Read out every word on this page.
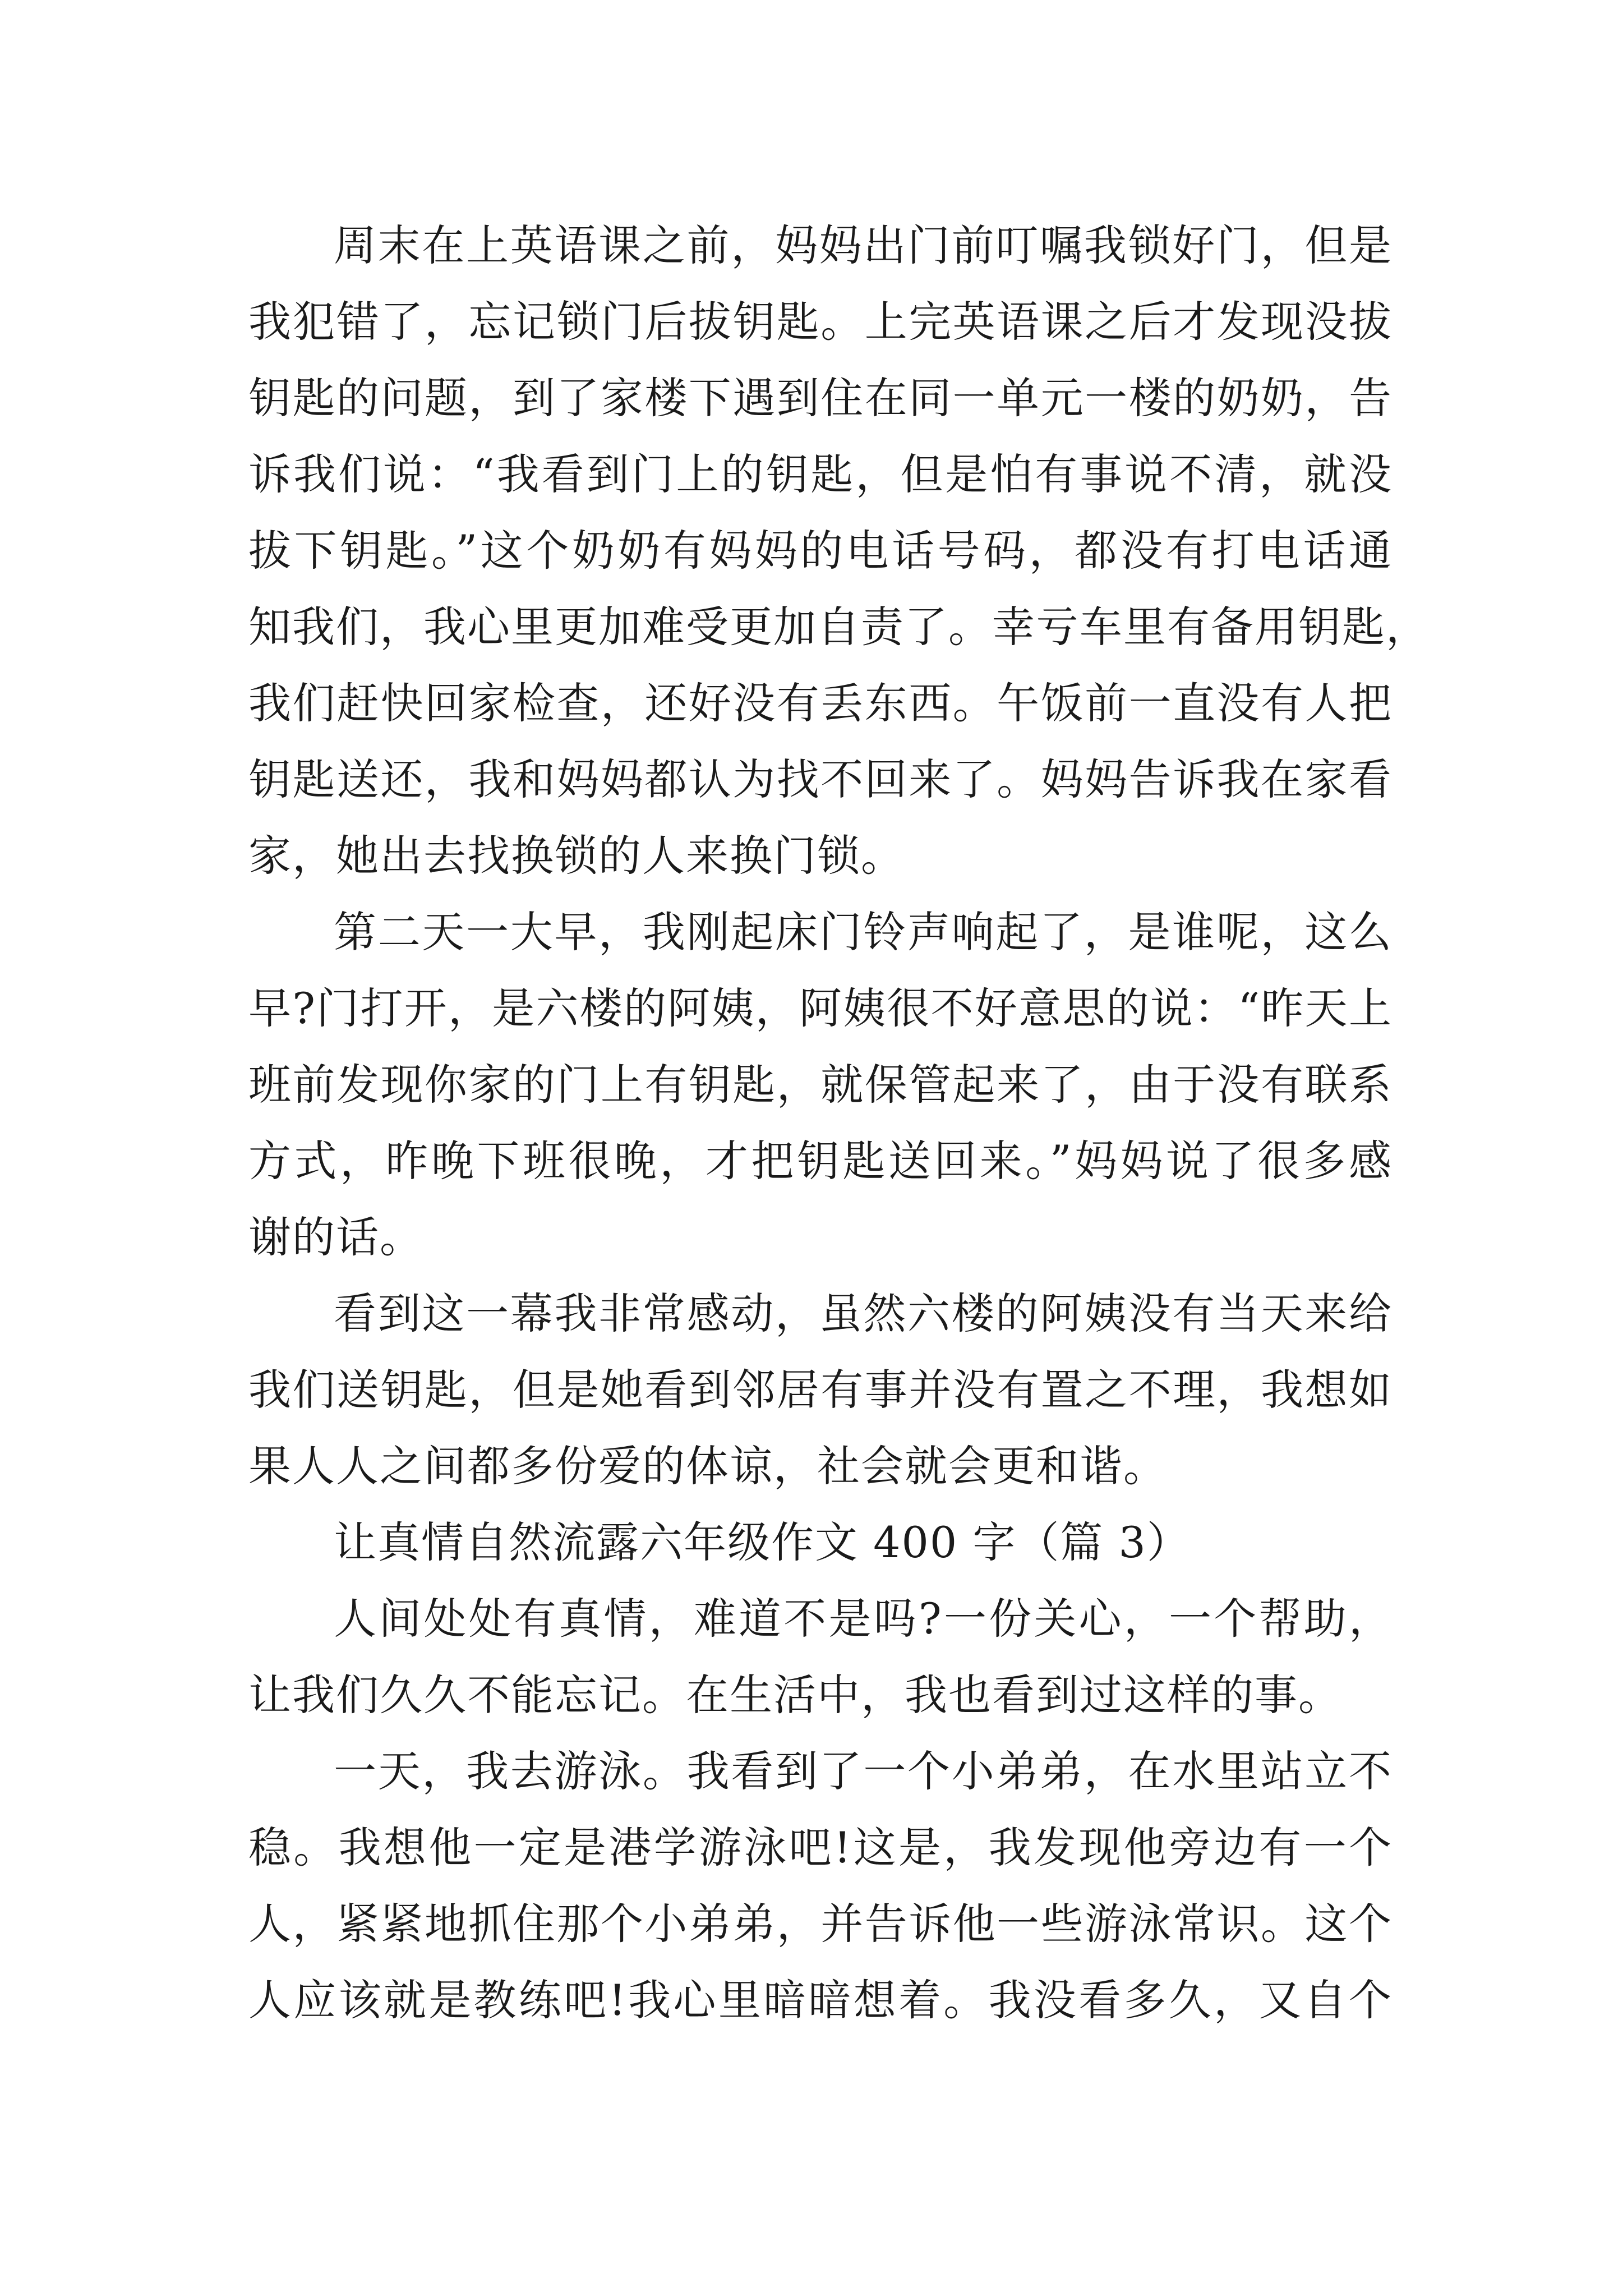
周末在上英语课之前，妈妈出门前叮嘱我锁好门，但是
我犯错了，忘记锁门后拔钥匙。上完英语课之后才发现没拔
钥匙的问题，到了家楼下遇到住在同一单元一楼的奶奶，告
诉我们说：“我看到门上的钥匙，但是怕有事说不清，就没
拔下钥匙。”这个奶奶有妈妈的电话号码，都没有打电话通
知我们，我心里更加难受更加自责了。幸亏车里有备用钥匙，
我们赶快回家检查，还好没有丢东西。午饭前一直没有人把
钥匙送还，我和妈妈都认为找不回来了。妈妈告诉我在家看
家，她出去找换锁的人来换门锁。
第二天一大早，我刚起床门铃声响起了，是谁呢，这么
早?门打开，是六楼的阿姨，阿姨很不好意思的说：“昨天上
班前发现你家的门上有钥匙，就保管起来了，由于没有联系
方式，昨晚下班很晚，才把钥匙送回来。”妈妈说了很多感
谢的话。
看到这一幕我非常感动，虽然六楼的阿姨没有当天来给
我们送钥匙，但是她看到邻居有事并没有置之不理，我想如
果人人之间都多份爱的体谅，社会就会更和谐。
让真情自然流露六年级作文 400 字（篇 3）
人间处处有真情，难道不是吗?一份关心，一个帮助，
让我们久久不能忘记。在生活中，我也看到过这样的事。
一天，我去游泳。我看到了一个小弟弟，在水里站立不
稳。我想他一定是港学游泳吧!这是，我发现他旁边有一个
人，紧紧地抓住那个小弟弟，并告诉他一些游泳常识。这个
人应该就是教练吧!我心里暗暗想着。我没看多久，又自个
